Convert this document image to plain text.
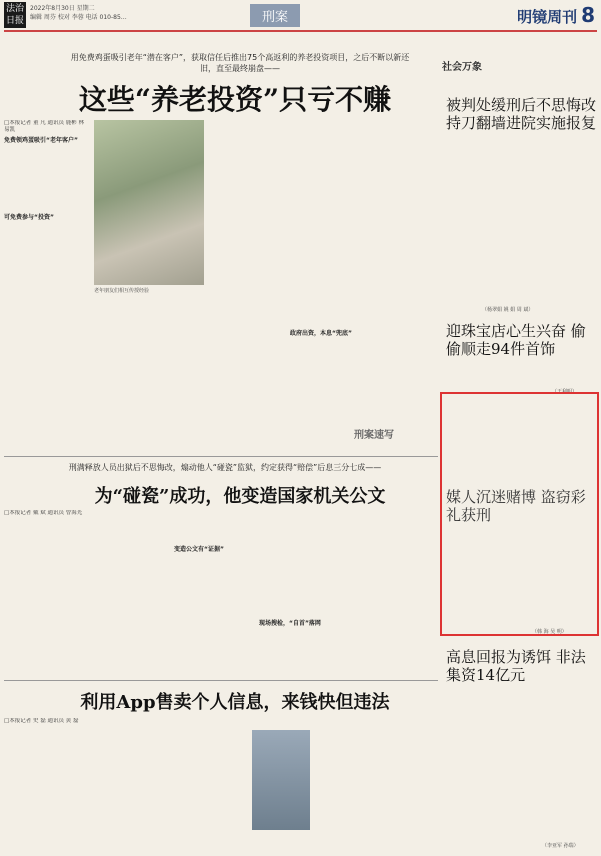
法治日报
2022年8月30日 星期二
编辑 周芬 校对 李蓉 电话 010-85…	刑案	明镜周刊 8
用免费鸡蛋吸引老年“潜在客户”，获取信任后推出75个高返利的养老投资项目，之后不断以新还旧，直至最终崩盘——
这些“养老投资”只亏不赚
□本报记者 董 凡 通讯员 鹿彬 林易凯
免费领鸡蛋吸引“老年客户”
可免费参与“投资”
老年朋友们相互传授经验
政府出资，本息“兜底”
刑案速写
刑满释放人员出狱后不思悔改，煽动他人“碰瓷”监狱，约定获得“赔偿”后息三分七成——
为“碰瓷”成功，他变造国家机关公文
□本报记者 戴 斌 通讯员 曾海光
变造公文有“证据”
现场搜检，“自首”落网
利用App售卖个人信息，来钱快但违法
□本报记者 史 磊 通讯员 黄 磊
社会万象
被判处缓刑后不思悔改 持刀翻墙进院实施报复
（杨翠娟 姚 娟 周 斌）
迎珠宝店心生兴奋 偷偷顺走94件首饰
（王利明）
媒人沉迷赌博 盗窃彩礼获刑
（韩 海 吴 明）
高息回报为诱饵 非法集资14亿元
（李亚军 孙瑞）
